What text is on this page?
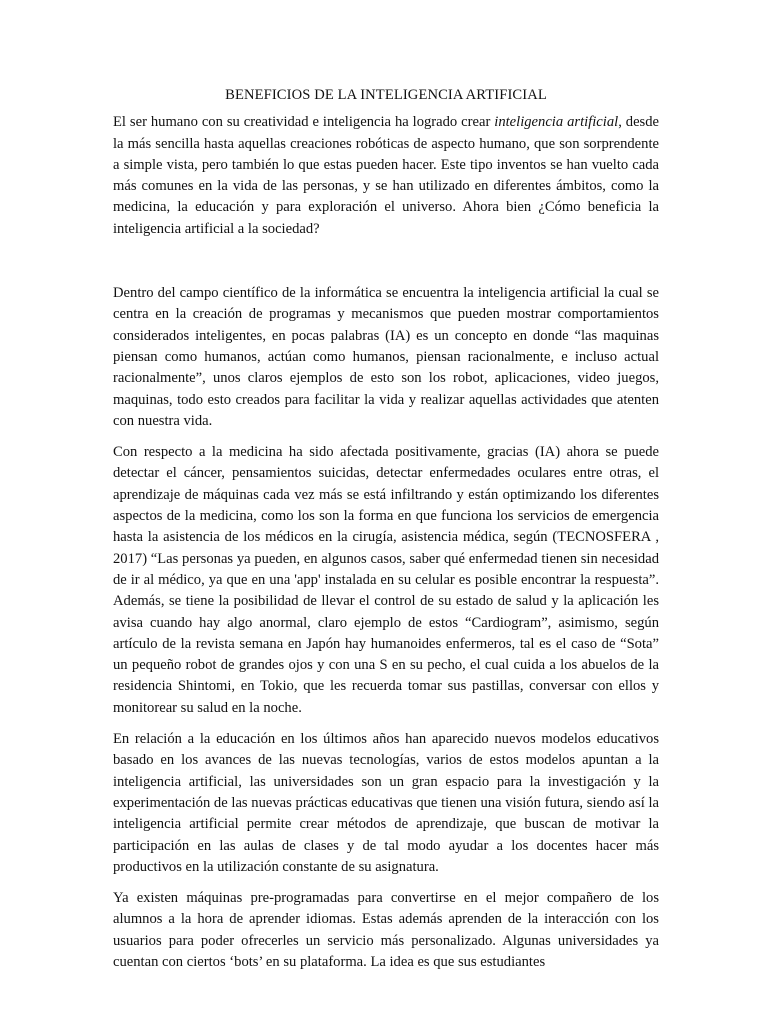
BENEFICIOS DE LA INTELIGENCIA ARTIFICIAL

El ser humano con su creatividad e inteligencia ha logrado crear inteligencia artificial, desde la más sencilla hasta aquellas creaciones robóticas de aspecto humano, que son sorprendente a simple vista, pero también lo que estas pueden hacer. Este tipo inventos se han vuelto cada más comunes en la vida de las personas, y se han utilizado en diferentes ámbitos, como la medicina, la educación y para exploración el universo. Ahora bien ¿Cómo beneficia la inteligencia artificial a la sociedad?

Dentro del campo científico de la informática se encuentra la inteligencia artificial la cual se centra en la creación de programas y mecanismos que pueden mostrar comportamientos considerados inteligentes, en pocas palabras (IA) es un concepto en donde “las maquinas piensan como humanos, actúan como humanos, piensan racionalmente, e incluso actual racionalmente”, unos claros ejemplos de esto son los robot, aplicaciones, video juegos, maquinas, todo esto creados para facilitar la vida y realizar aquellas actividades que atenten con nuestra vida.

Con respecto a la medicina ha sido afectada positivamente, gracias (IA) ahora se puede detectar el cáncer, pensamientos suicidas, detectar enfermedades oculares entre otras, el aprendizaje de máquinas cada vez más se está infiltrando y están optimizando los diferentes aspectos de la medicina, como los son la forma en que funciona los servicios de emergencia hasta la asistencia de los médicos en la cirugía, asistencia médica, según (TECNOSFERA , 2017) “Las personas ya pueden, en algunos casos, saber qué enfermedad tienen sin necesidad de ir al médico, ya que en una 'app' instalada en su celular es posible encontrar la respuesta”. Además, se tiene la posibilidad de llevar el control de su estado de salud y la aplicación les avisa cuando hay algo anormal, claro ejemplo de estos “Cardiogram”, asimismo, según artículo de la revista semana en Japón hay humanoides enfermeros, tal es el caso de “Sota” un pequeño robot de grandes ojos y con una S en su pecho, el cual cuida a los abuelos de la residencia Shintomi, en Tokio, que les recuerda tomar sus pastillas, conversar con ellos y monitorear su salud en la noche.

En relación a la educación en los últimos años han aparecido nuevos modelos educativos basado en los avances de las nuevas tecnologías, varios de estos modelos apuntan a la inteligencia artificial, las universidades son un gran espacio para la investigación y la experimentación de las nuevas prácticas educativas que tienen una visión futura, siendo así la inteligencia artificial permite crear métodos de aprendizaje, que buscan de motivar la participación en las aulas de clases y de tal modo ayudar a los docentes hacer más productivos en la utilización constante de su asignatura.

Ya existen máquinas pre-programadas para convertirse en el mejor compañero de los alumnos a la hora de aprender idiomas. Estas además aprenden de la interacción con los usuarios para poder ofrecerles un servicio más personalizado. Algunas universidades ya cuentan con ciertos ‘bots’ en su plataforma. La idea es que sus estudiantes
